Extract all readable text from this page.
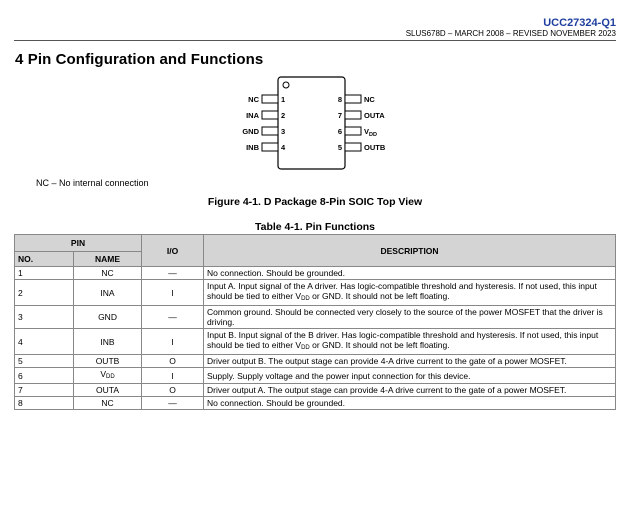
UCC27324-Q1
SLUS678D – MARCH 2008 – REVISED NOVEMBER 2023
4 Pin Configuration and Functions
NC	1
INA	2
GND	3
INB	4
NC
8
OUTA
7
$V_{DD}$
6
OUTB
5
NC – No internal connection
Figure 4-1. D Package 8-Pin SOIC Top View
Table 4-1. Pin Functions
PIN		I/O	DESCRIPTION
NO.	NAME		
1	NC	—	No connection. Should be grounded.
2	INA	I	Input A. Input signal of the A driver. Has logic-compatible threshold and hysteresis. If not used, this input should be tied to either $V_{DD}$ or GND. It should not be left floating.
3	GND	—	Common ground. Should be connected very closely to the source of the power MOSFET that the driver is driving.
4	INB	I	Input B. Input signal of the B driver. Has logic-compatible threshold and hysteresis. If not used, this input should be tied to either $V_{DD}$ or GND. It should not be left floating.
5	OUTB	O	Driver output B. The output stage can provide 4-A drive current to the gate of a power MOSFET.
6	$V_{DD}$	I	Supply. Supply voltage and the power input connection for this device.
7	OUTA	O	Driver output A. The output stage can provide 4-A drive current to the gate of a power MOSFET.
8	NC	—	No connection. Should be grounded.
